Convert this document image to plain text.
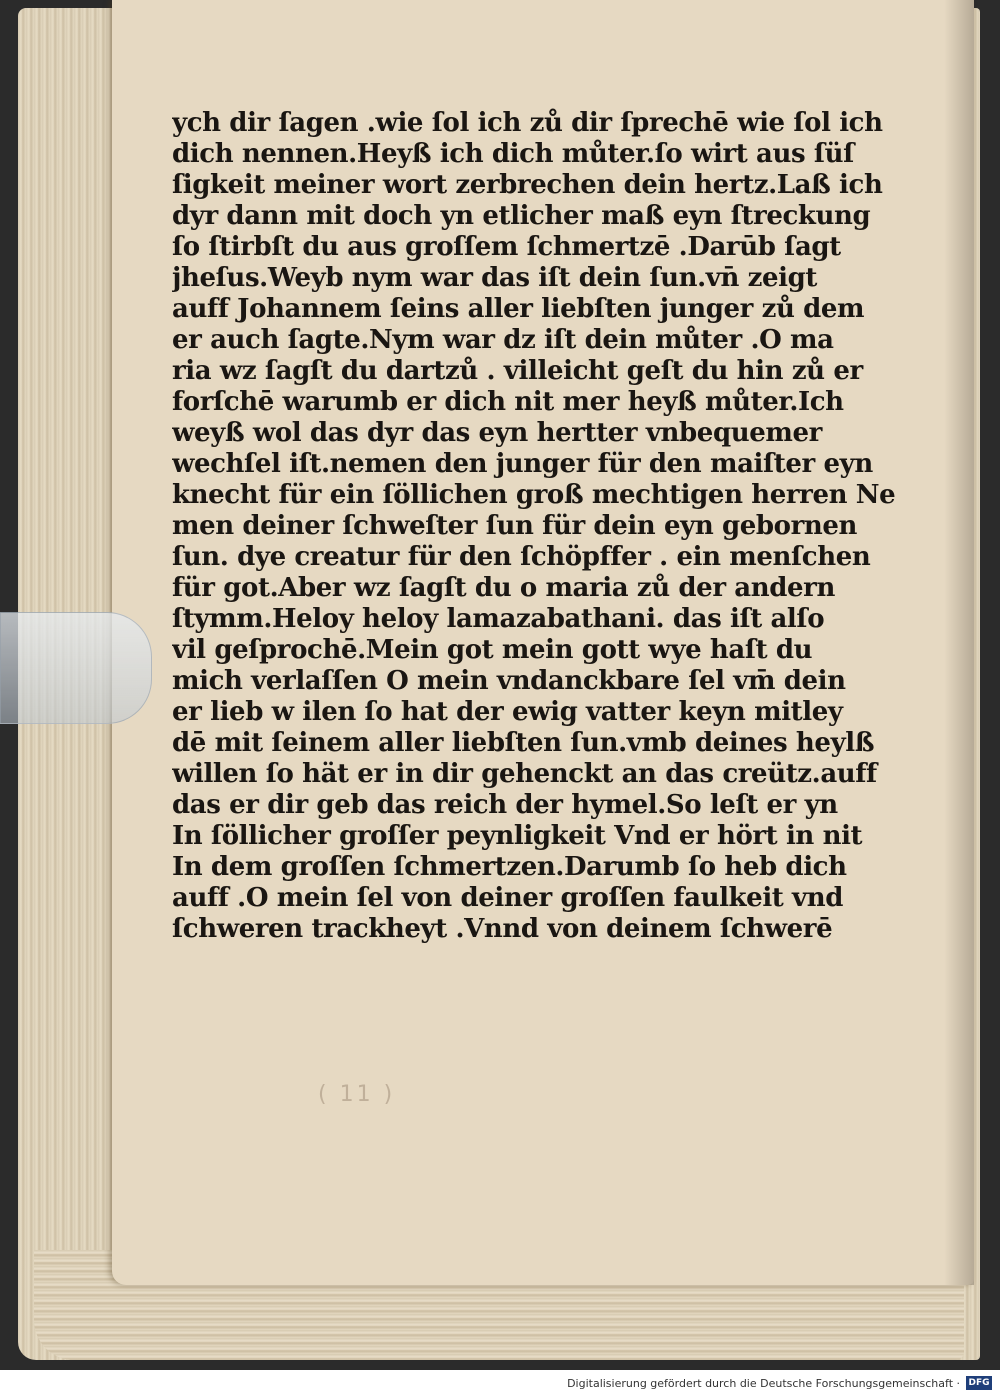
ych dir ſagen .wie ſol ich zů dir ſprechē wie ſol ich
dich nennen.Heyß ich dich můter.ſo wirt aus ſüſ
ſigkeit meiner wort zerbrechen dein hertz.Laß ich
dyr dann mit doch yn etlicher maß eyn ſtreckung
ſo ſtirbſt du aus groſſem ſchmertzē .Darūb ſagt
jheſus.Weyb nym war das iſt dein ſun.vn̄ zeigt
auff Johannem ſeins aller liebſten junger zů dem
er auch ſagte.Nym war dz iſt dein můter .O ma
ria wz ſagſt du dartzů . villeicht geſt du hin zů er
forſchē warumb er dich nit mer heyß můter.Ich
weyß wol das dyr das eyn hertter vnbequemer
wechſel iſt.nemen den junger für den maiſter eyn
knecht für ein ſöllichen groß mechtigen herren Ne
men deiner ſchweſter ſun für dein eyn gebornen
ſun. dye creatur für den ſchöpffer . ein menſchen
für got.Aber wz ſagſt du o maria zů der andern
ſtymm.Heloy heloy lamazabathani. das iſt alſo
vil geſprochē.Mein got mein gott wye haſt du
mich verlaſſen O mein vndanckbare ſel vm̄ dein
er lieb w ilen ſo hat der ewig vatter keyn mitley
dē mit ſeinem aller liebſten ſun.vmb deines heylß
willen ſo hät er in dir gehenckt an das creütz.auff
das er dir geb das reich der hymel.So leſt er yn
In ſöllicher groſſer peynligkeit Vnd er hört in nit
In dem groſſen ſchmertzen.Darumb ſo heb dich
auff .O mein ſel von deiner groſſen faulkeit vnd
ſchweren trackheyt .Vnnd von deinem ſchwerē
( 11 )
Digitalisierung gefördert durch die Deutsche Forschungsgemeinschaft · DFG
